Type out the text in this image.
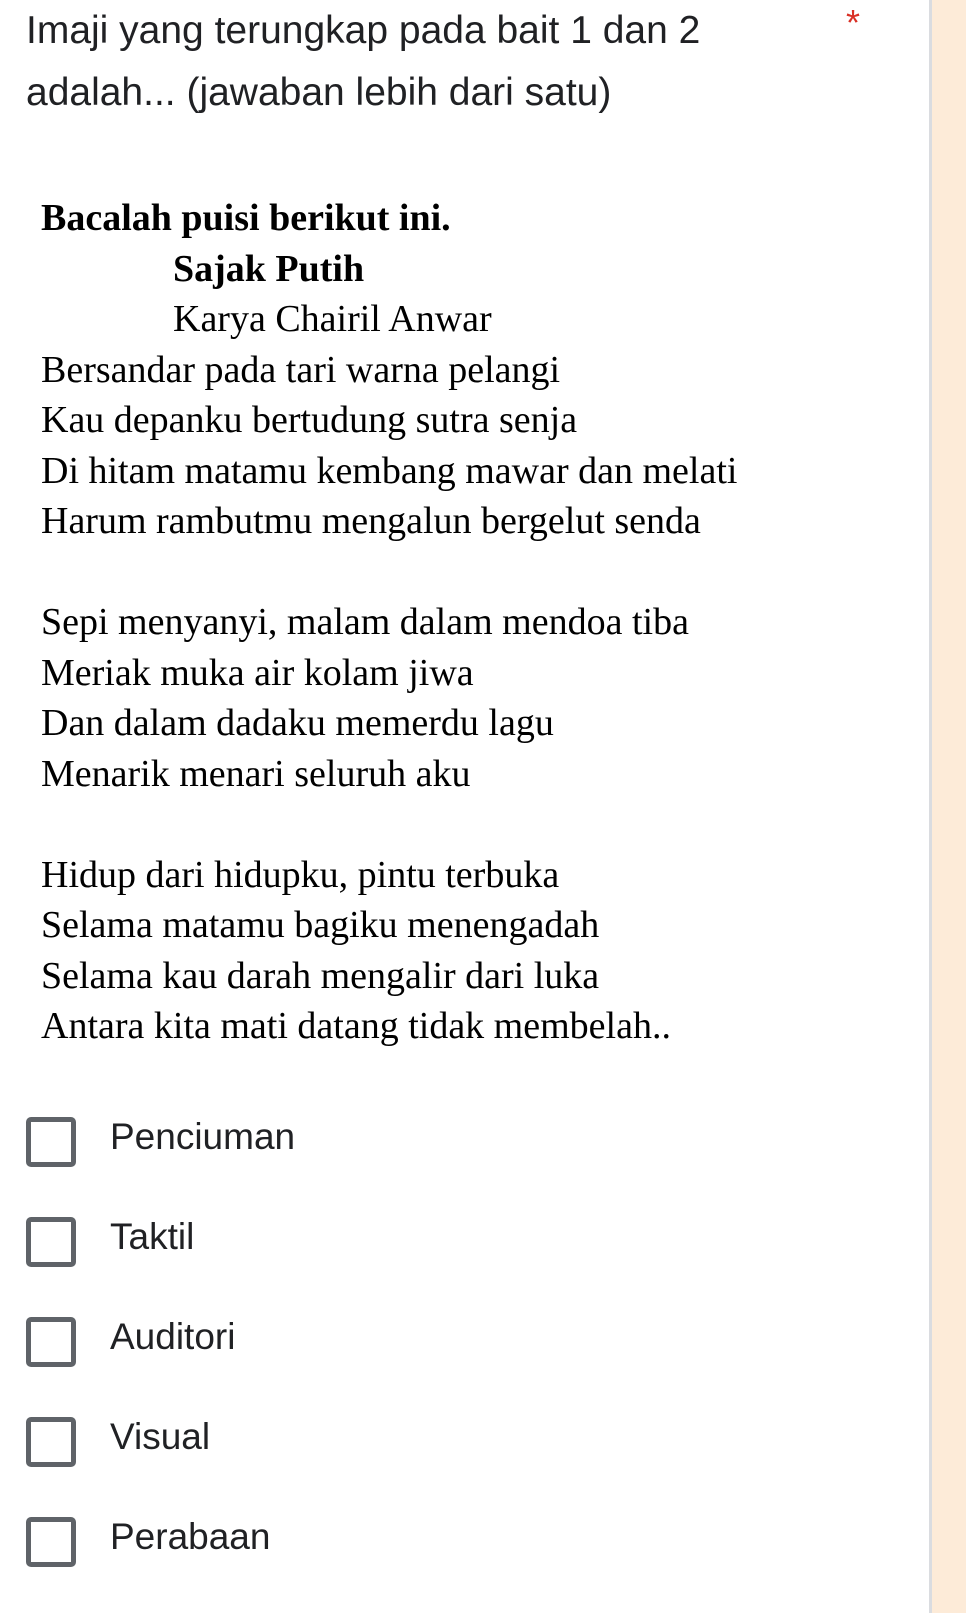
Imaji yang terungkap pada bait 1 dan 2
adalah... (jawaban lebih dari satu)
*
Bacalah puisi berikut ini.
Sajak Putih
Karya Chairil Anwar
Bersandar pada tari warna pelangi
Kau depanku bertudung sutra senja
Di hitam matamu kembang mawar dan melati
Harum rambutmu mengalun bergelut senda
Sepi menyanyi, malam dalam mendoa tiba
Meriak muka air kolam jiwa
Dan dalam dadaku memerdu lagu
Menarik menari seluruh aku
Hidup dari hidupku, pintu terbuka
Selama matamu bagiku menengadah
Selama kau darah mengalir dari luka
Antara kita mati datang tidak membelah..
Penciuman
Taktil
Auditori
Visual
Perabaan
